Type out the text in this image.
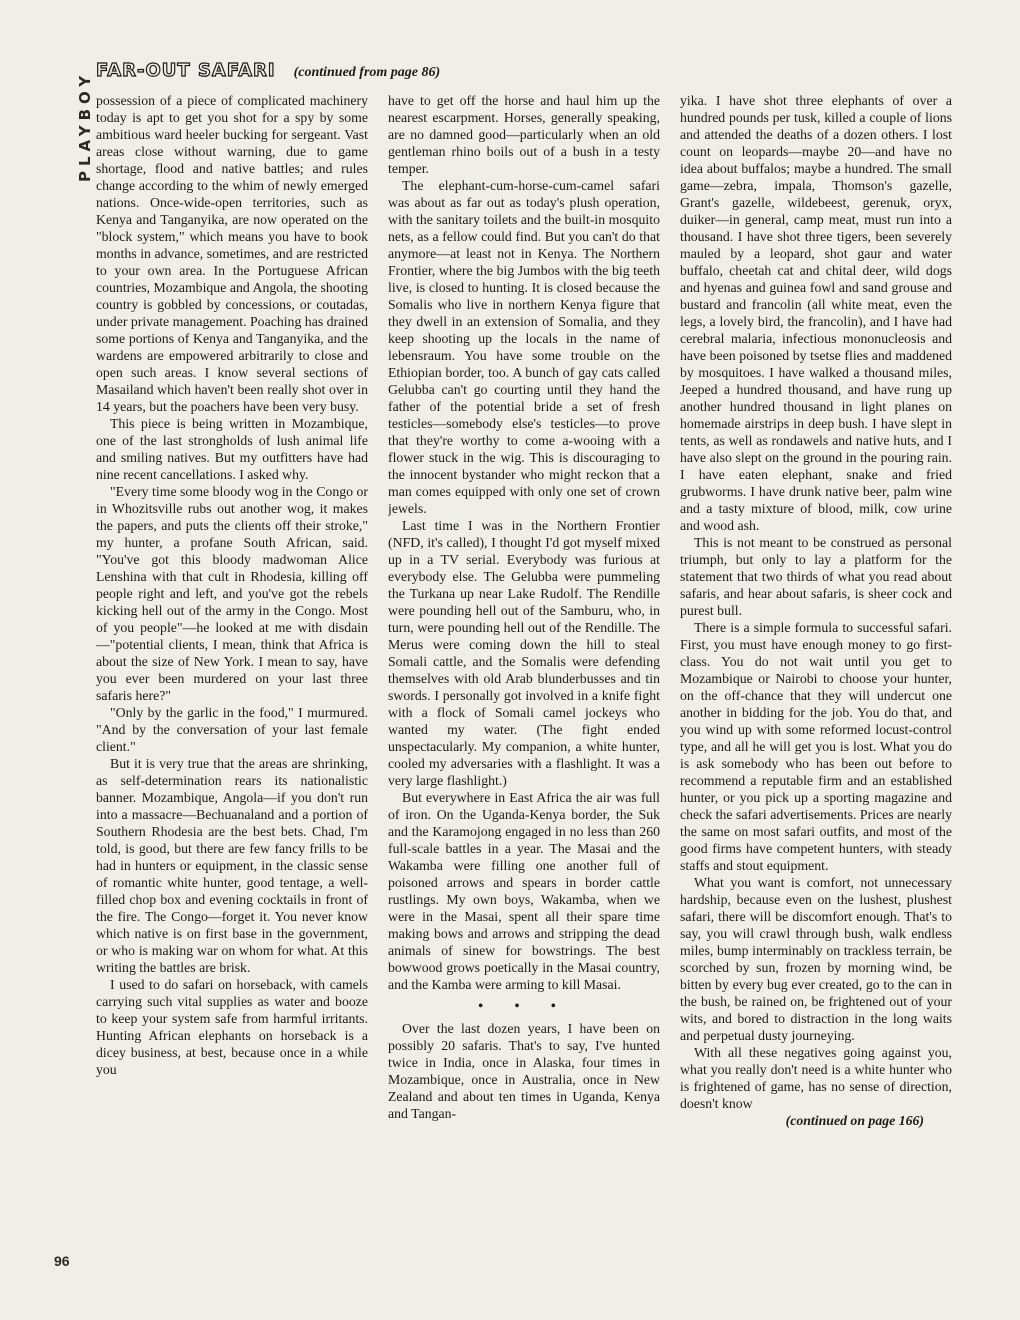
PLAYBOY
FAR-OUT SAFARI (continued from page 86)

possession of a piece of complicated machinery today is apt to get you shot for a spy by some ambitious ward heeler bucking for sergeant. Vast areas close without warning, due to game shortage, flood and native battles; and rules change according to the whim of newly emerged nations. Once-wide-open territories, such as Kenya and Tanganyika, are now operated on the "block system," which means you have to book months in advance, sometimes, and are restricted to your own area. In the Portuguese African countries, Mozambique and Angola, the shooting country is gobbled by concessions, or coutadas, under private management. Poaching has drained some portions of Kenya and Tanganyika, and the wardens are empowered arbitrarily to close and open such areas. I know several sections of Masailand which haven't been really shot over in 14 years, but the poachers have been very busy.

This piece is being written in Mozambique, one of the last strongholds of lush animal life and smiling natives. But my outfitters have had nine recent cancellations. I asked why.

"Every time some bloody wog in the Congo or in Whozitsville rubs out another wog, it makes the papers, and puts the clients off their stroke," my hunter, a profane South African, said. "You've got this bloody madwoman Alice Lenshina with that cult in Rhodesia, killing off people right and left, and you've got the rebels kicking hell out of the army in the Congo. Most of you people"—he looked at me with disdain—"potential clients, I mean, think that Africa is about the size of New York. I mean to say, have you ever been murdered on your last three safaris here?"

"Only by the garlic in the food," I murmured. "And by the conversation of your last female client."

But it is very true that the areas are shrinking, as self-determination rears its nationalistic banner. Mozambique, Angola—if you don't run into a massacre—Bechuanaland and a portion of Southern Rhodesia are the best bets. Chad, I'm told, is good, but there are few fancy frills to be had in hunters or equipment, in the classic sense of romantic white hunter, good tentage, a well-filled chop box and evening cocktails in front of the fire. The Congo—forget it. You never know which native is on first base in the government, or who is making war on whom for what. At this writing the battles are brisk.

I used to do safari on horseback, with camels carrying such vital supplies as water and booze to keep your system safe from harmful irritants. Hunting African elephants on horseback is a dicey business, at best, because once in a while you

have to get off the horse and haul him up the nearest escarpment. Horses, generally speaking, are no damned good—particularly when an old gentleman rhino boils out of a bush in a testy temper.

The elephant-cum-horse-cum-camel safari was about as far out as today's plush operation, with the sanitary toilets and the built-in mosquito nets, as a fellow could find. But you can't do that anymore—at least not in Kenya. The Northern Frontier, where the big Jumbos with the big teeth live, is closed to hunting. It is closed because the Somalis who live in northern Kenya figure that they dwell in an extension of Somalia, and they keep shooting up the locals in the name of lebensraum. You have some trouble on the Ethiopian border, too. A bunch of gay cats called Gelubba can't go courting until they hand the father of the potential bride a set of fresh testicles—somebody else's testicles—to prove that they're worthy to come a-wooing with a flower stuck in the wig. This is discouraging to the innocent bystander who might reckon that a man comes equipped with only one set of crown jewels.

Last time I was in the Northern Frontier (NFD, it's called), I thought I'd got myself mixed up in a TV serial. Everybody was furious at everybody else. The Gelubba were pummeling the Turkana up near Lake Rudolf. The Rendille were pounding hell out of the Samburu, who, in turn, were pounding hell out of the Rendille. The Merus were coming down the hill to steal Somali cattle, and the Somalis were defending themselves with old Arab blunderbusses and tin swords. I personally got involved in a knife fight with a flock of Somali camel jockeys who wanted my water. (The fight ended unspectacularly. My companion, a white hunter, cooled my adversaries with a flashlight. It was a very large flashlight.)

But everywhere in East Africa the air was full of iron. On the Uganda-Kenya border, the Suk and the Karamojong engaged in no less than 260 full-scale battles in a year. The Masai and the Wakamba were filling one another full of poisoned arrows and spears in border cattle rustlings. My own boys, Wakamba, when we were in the Masai, spent all their spare time making bows and arrows and stripping the dead animals of sinew for bowstrings. The best bowwood grows poetically in the Masai country, and the Kamba were arming to kill Masai.

• • •

Over the last dozen years, I have been on possibly 20 safaris. That's to say, I've hunted twice in India, once in Alaska, four times in Mozambique, once in Australia, once in New Zealand and about ten times in Uganda, Kenya and Tangan-

yika. I have shot three elephants of over a hundred pounds per tusk, killed a couple of lions and attended the deaths of a dozen others. I lost count on leopards—maybe 20—and have no idea about buffalos; maybe a hundred. The small game—zebra, impala, Thomson's gazelle, Grant's gazelle, wildebeest, gerenuk, oryx, duiker—in general, camp meat, must run into a thousand. I have shot three tigers, been severely mauled by a leopard, shot gaur and water buffalo, cheetah cat and chital deer, wild dogs and hyenas and guinea fowl and sand grouse and bustard and francolin (all white meat, even the legs, a lovely bird, the francolin), and I have had cerebral malaria, infectious mononucleosis and have been poisoned by tsetse flies and maddened by mosquitoes. I have walked a thousand miles, Jeeped a hundred thousand, and have rung up another hundred thousand in light planes on homemade airstrips in deep bush. I have slept in tents, as well as rondawels and native huts, and I have also slept on the ground in the pouring rain. I have eaten elephant, snake and fried grubworms. I have drunk native beer, palm wine and a tasty mixture of blood, milk, cow urine and wood ash.

This is not meant to be construed as personal triumph, but only to lay a platform for the statement that two thirds of what you read about safaris, and hear about safaris, is sheer cock and purest bull.

There is a simple formula to successful safari. First, you must have enough money to go first-class. You do not wait until you get to Mozambique or Nairobi to choose your hunter, on the off-chance that they will undercut one another in bidding for the job. You do that, and you wind up with some reformed locust-control type, and all he will get you is lost. What you do is ask somebody who has been out before to recommend a reputable firm and an established hunter, or you pick up a sporting magazine and check the safari advertisements. Prices are nearly the same on most safari outfits, and most of the good firms have competent hunters, with steady staffs and stout equipment.

What you want is comfort, not unnecessary hardship, because even on the lushest, plushest safari, there will be discomfort enough. That's to say, you will crawl through bush, walk endless miles, bump interminably on trackless terrain, be scorched by sun, frozen by morning wind, be bitten by every bug ever created, go to the can in the bush, be rained on, be frightened out of your wits, and bored to distraction in the long waits and perpetual dusty journeying.

With all these negatives going against you, what you really don't need is a white hunter who is frightened of game, has no sense of direction, doesn't know

(continued on page 166)

96
